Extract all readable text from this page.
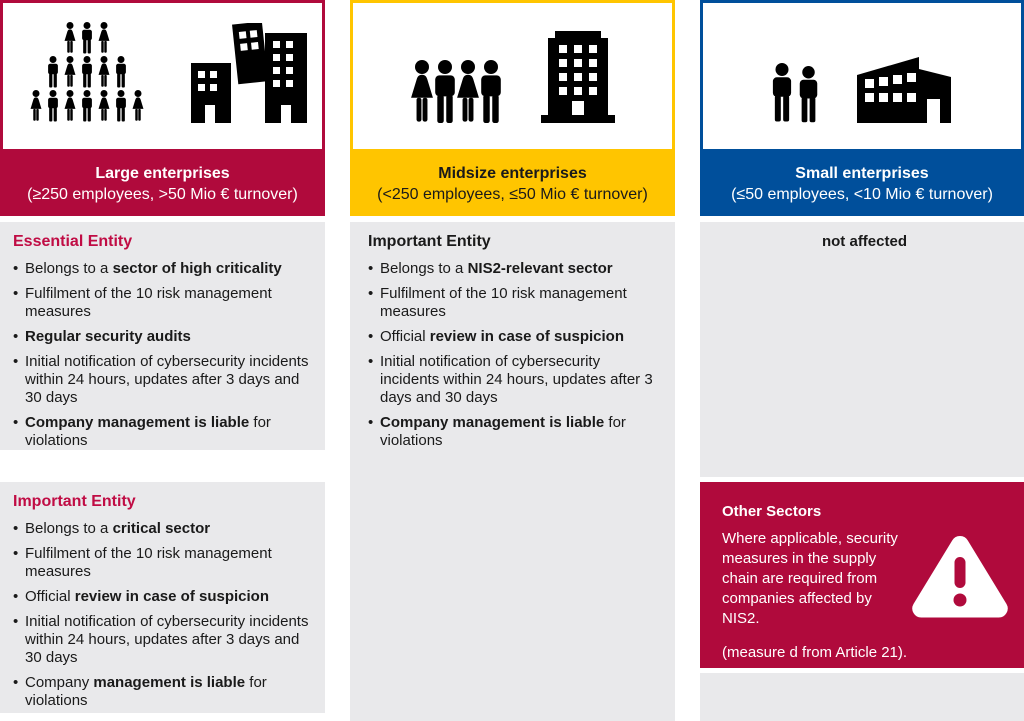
Large enterprises
(≥250 employees, >50 Mio € turnover)
Essential Entity
• Belongs to a sector of high criticality
• Fulfilment of the 10 risk management measures
• Regular security audits
• Initial notification of cybersecurity incidents within 24 hours, updates after 3 days and 30 days
• Company management is liable for violations
Important Entity
• Belongs to a critical sector
• Fulfilment of the 10 risk management measures
• Official review in case of suspicion
• Initial notification of cybersecurity incidents within 24 hours, updates after 3 days and 30 days
• Company management is liable for violations
Midsize enterprises
(<250 employees, ≤50 Mio € turnover)
Important Entity
• Belongs to a NIS2-relevant sector
• Fulfilment of the 10 risk management measures
• Official review in case of suspicion
• Initial notification of cybersecurity incidents within 24 hours, updates after 3 days and 30 days
• Company management is liable for violations
Small enterprises
(≤50 employees, <10 Mio € turnover)
not affected
Other Sectors
Where applicable, security measures in the supply chain are required from companies affected by NIS2.
(measure d from Article 21).
